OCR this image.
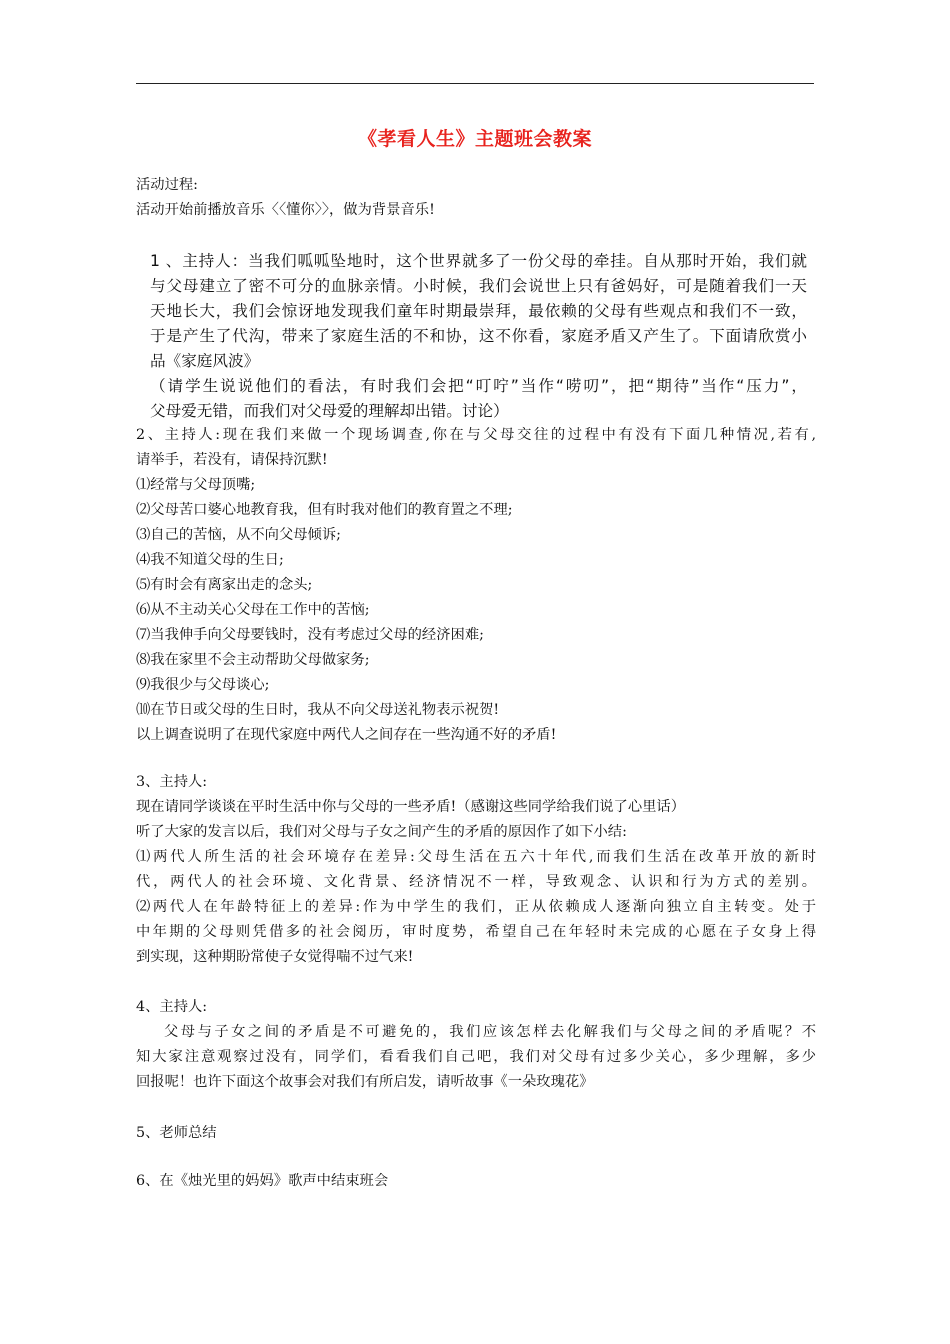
《孝看人生》主题班会教案
活动过程:
活动开始前播放音乐〈〈懂你〉〉，做为背景音乐!
1 、主持人：当我们呱呱坠地时，这个世界就多了一份父母的牵挂。自从那时开始，我们就
与父母建立了密不可分的血脉亲情。小时候，我们会说世上只有爸妈好，可是随着我们一天
天地长大，我们会惊讶地发现我们童年时期最崇拜，最依赖的父母有些观点和我们不一致，
于是产生了代沟，带来了家庭生活的不和协，这不你看，家庭矛盾又产生了。下面请欣赏小
品《家庭风波》
（请学生说说他们的看法，有时我们会把“叮咛”当作“唠叨”，把“期待”当作“压力”，
父母爱无错，而我们对父母爱的理解却出错。讨论）
2、主持人:现在我们来做一个现场调查,你在与父母交往的过程中有没有下面几种情况,若有,
请举手，若没有，请保持沉默!
⑴经常与父母顶嘴;
⑵父母苦口婆心地教育我，但有时我对他们的教育置之不理;
⑶自己的苦恼，从不向父母倾诉;
⑷我不知道父母的生日;
⑸有时会有离家出走的念头;
⑹从不主动关心父母在工作中的苦恼;
⑺当我伸手向父母要钱时，没有考虑过父母的经济困难;
⑻我在家里不会主动帮助父母做家务;
⑼我很少与父母谈心;
⑽在节日或父母的生日时，我从不向父母送礼物表示祝贺!
以上调查说明了在现代家庭中两代人之间存在一些沟通不好的矛盾!
3、主持人:
现在请同学谈谈在平时生活中你与父母的一些矛盾!（感谢这些同学给我们说了心里话）
听了大家的发言以后，我们对父母与子女之间产生的矛盾的原因作了如下小结:
⑴两代人所生活的社会环境存在差异:父母生活在五六十年代,而我们生活在改革开放的新时
代，两代人的社会环境、文化背景、经济情况不一样，导致观念、认识和行为方式的差别。
⑵两代人在年龄特征上的差异:作为中学生的我们，正从依赖成人逐渐向独立自主转变。处于
中年期的父母则凭借多的社会阅历，审时度势，希望自己在年轻时未完成的心愿在子女身上得
到实现，这种期盼常使子女觉得喘不过气来!
4、主持人:
父母与子女之间的矛盾是不可避免的，我们应该怎样去化解我们与父母之间的矛盾呢？不
知大家注意观察过没有，同学们，看看我们自己吧，我们对父母有过多少关心，多少理解，多少
回报呢！也许下面这个故事会对我们有所启发，请听故事《一朵玫瑰花》
5、老师总结
6、在《烛光里的妈妈》歌声中结束班会
